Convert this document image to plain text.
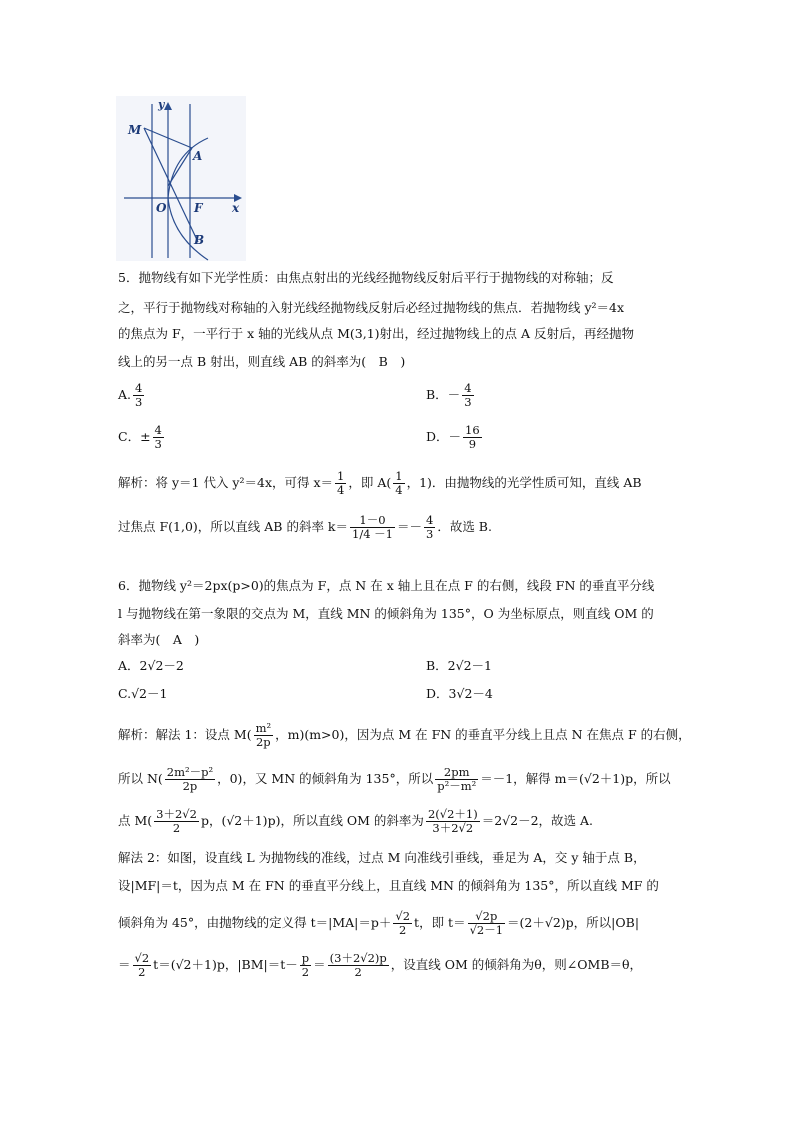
M
y
A
O F x
B
5．抛物线有如下光学性质：由焦点射出的光线经抛物线反射后平行于抛物线的对称轴；反
之，平行于抛物线对称轴的入射光线经抛物线反射后必经过抛物线的焦点．若抛物线 y²＝4x
的焦点为 F，一平行于 x 轴的光线从点 M(3,1)射出，经过抛物线上的点 A 反射后，再经抛物
线上的另一点 B 射出，则直线 AB 的斜率为(　B　)
A. $\frac{4}{3}$	B．－ $\frac{4}{3}$
C．± $\frac{4}{3}$	D．－ $\frac{16}{9}$
解析：将 y＝1 代入 y²＝4x，可得 $x= \frac{1}{4}$ ，即 $A( \frac{1}{4}$ ，1)．由抛物线的光学性质可知，直线 AB
过焦点 F(1,0)，所以直线 AB 的斜率 $k= \frac{1-0}{1/4 -1} =- \frac{4}{3}$ ．故选 B.
6．抛物线 y²＝2px(p>0)的焦点为 F，点 N 在 x 轴上且在点 F 的右侧，线段 FN 的垂直平分线
l 与抛物线在第一象限的交点为 M，直线 MN 的倾斜角为 135°，O 为坐标原点，则直线 OM 的
斜率为(　A　)
A．2√2－2	B．2√2－1
C.√2－1	D．3√2－4
解析：解法 1：设点 $M( \frac{\text{m²}}{2p}$ ，m)(m>0)，因为点 M 在 FN 的垂直平分线上且点 N 在焦点 F 的右侧，
所以 $N( \frac{\text{2m²－p²}}{2p}$ ，0)，又 MN 的倾斜角为 135°，所以 $\frac{2pm}{\text{p²－m²}} =-1$，解得 m＝(√2＋1)p，所以
点 $M( \frac{3+2√2}{2}$ p，(√2＋1)p)，所以直线 OM 的斜率为 $\frac{2(√2+1)}{3+2√2} =2√2-2$，故选 A.
解法 2：如图，设直线 L 为抛物线的准线，过点 M 向准线引垂线，垂足为 A，交 y 轴于点 B，
设|MF|＝t，因为点 M 在 FN 的垂直平分线上，且直线 MN 的倾斜角为 135°，所以直线 MF 的
倾斜角为 45°，由抛物线的定义得 $t=|MA|=p+ \frac{√2}{2}$ t，即 $t= \frac{√2p}{√2-1} =(2+√2)p$，所以|OB|
＝ $\frac{√2}{2} t=(√2+1)p$，$|BM|=t- \frac{p}{2} = \frac{(3+2√2)p}{2}$ ，设直线 OM 的倾斜角为θ，则∠OMB＝θ，
